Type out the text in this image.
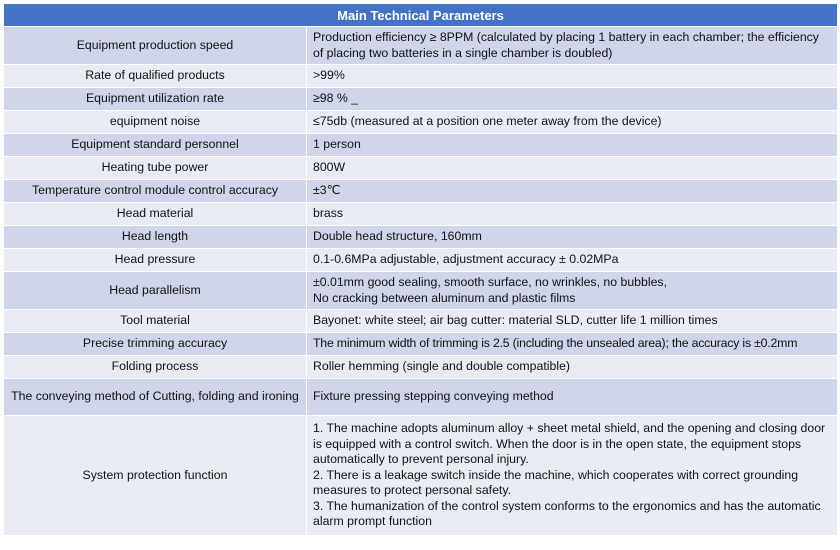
Main Technical Parameters	
Equipment production speed	Production efficiency ≥ 8PPM (calculated by placing 1 battery in each chamber; the efficiency of placing two batteries in a single chamber is doubled)
Rate of qualified products	>99%
Equipment utilization rate	≥98 % _
equipment noise	≤75db (measured at a position one meter away from the device)
Equipment standard personnel	1 person
Heating tube power	800W
Temperature control module control accuracy	±3℃
Head material	brass
Head length	Double head structure, 160mm
Head pressure	0.1-0.6MPa adjustable, adjustment accuracy ± 0.02MPa
Head parallelism	±0.01mm good sealing, smooth surface, no wrinkles, no bubbles,
No cracking between aluminum and plastic films
Tool material	Bayonet: white steel; air bag cutter: material SLD, cutter life 1 million times
Precise trimming accuracy	The minimum width of trimming is 2.5 (including the unsealed area); the accuracy is ±0.2mm
Folding process	Roller hemming (single and double compatible)
The conveying method of Cutting, folding and ironing	Fixture pressing stepping conveying method
System protection function	1. The machine adopts aluminum alloy + sheet metal shield, and the opening and closing door is equipped with a control switch. When the door is in the open state, the equipment stops automatically to prevent personal injury.
2. There is a leakage switch inside the machine, which cooperates with correct grounding measures to protect personal safety.
3. The humanization of the control system conforms to the ergonomics and has the automatic alarm prompt function
